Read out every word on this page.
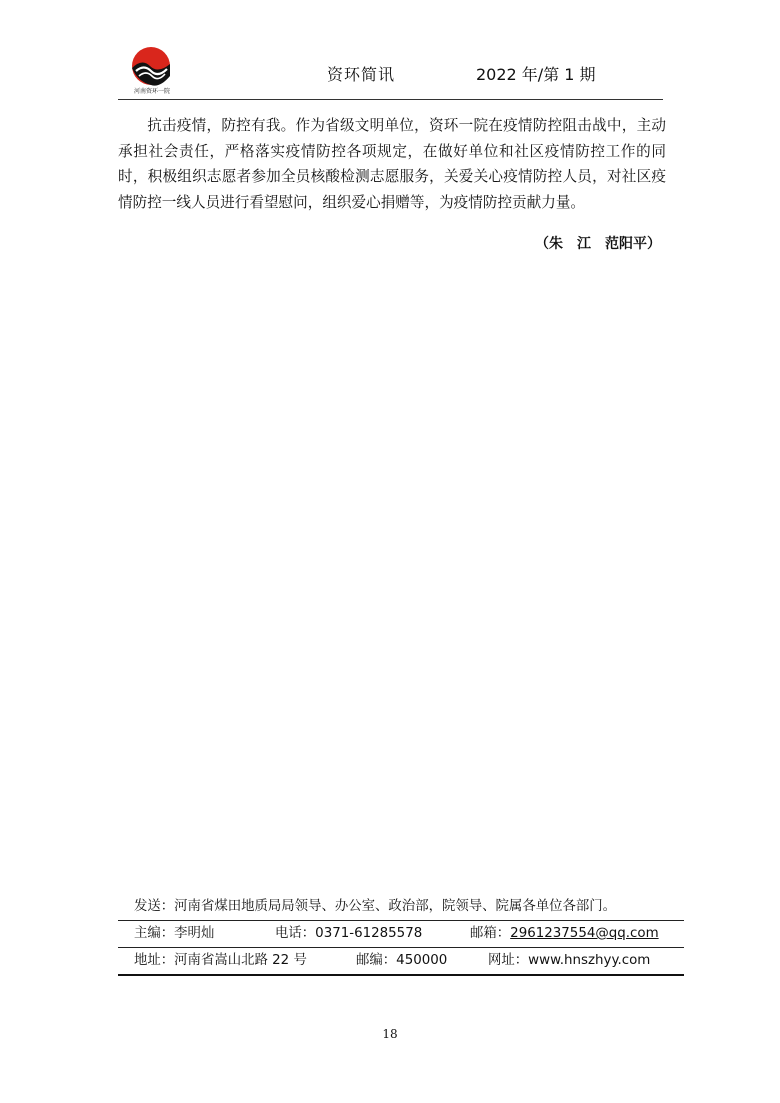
河南资环一院
资环简讯	2022 年/第 1 期

抗击疫情，防控有我。作为省级文明单位，资环一院在疫情防控阻击战中，主动承担社会责任，严格落实疫情防控各项规定，在做好单位和社区疫情防控工作的同时，积极组织志愿者参加全员核酸检测志愿服务，关爱关心疫情防控人员，对社区疫情防控一线人员进行看望慰问，组织爱心捐赠等，为疫情防控贡献力量。

（朱　江　范阳平）
发送：河南省煤田地质局局领导、办公室、政治部，院领导、院属各单位各部门。
主编：李明灿	电话：0371-61285578	邮箱：2961237554@qq.com
地址：河南省嵩山北路 22 号	邮编：450000	网址：www.hnszhyy.com
18
